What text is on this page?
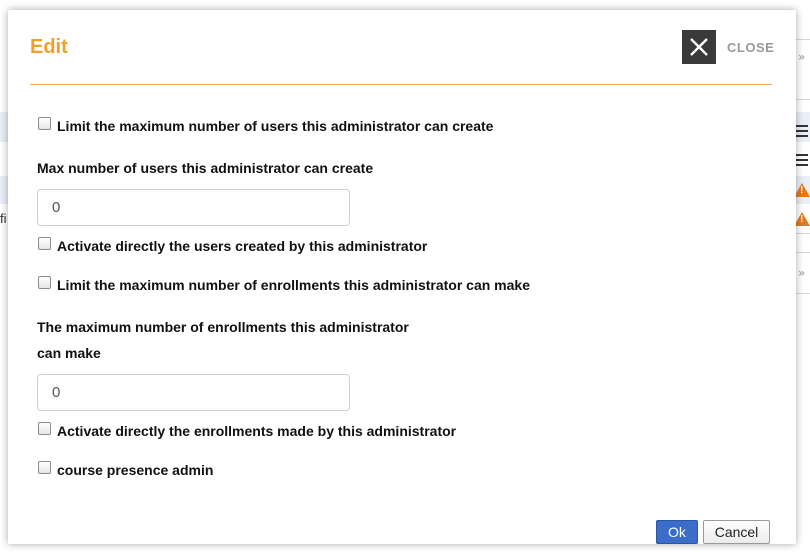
»
»
!
!
fi
Edit	CLOSE
Limit the maximum number of users this administrator can create
Max number of users this administrator can create
0
Activate directly the users created by this administrator
Limit the maximum number of enrollments this administrator can make
The maximum number of enrollments this administrator
can make
0
Activate directly the enrollments made by this administrator
course presence admin
Ok	Cancel
